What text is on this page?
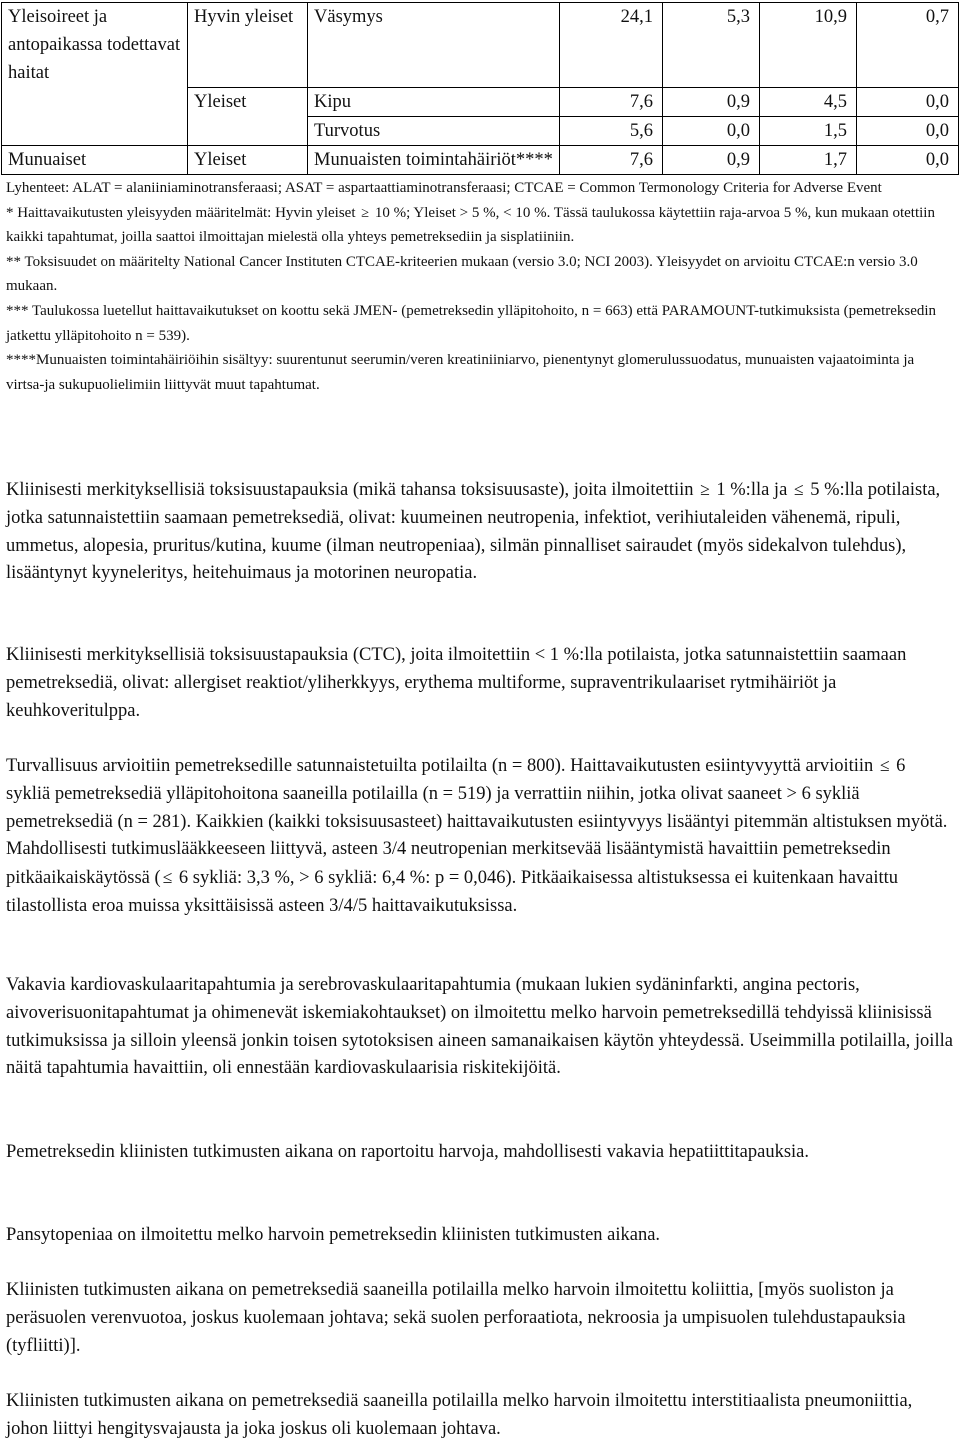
Yleisoireet ja antopaikassa todettavat haitat	Hyvin yleiset	Väsymys	24,1	5,3	10,9	0,7
	Yleiset	Kipu	7,6	0,9	4,5	0,0
		Turvotus	5,6	0,0	1,5	0,0
Munuaiset	Yleiset	Munuaisten toimintahäiriöt****	7,6	0,9	1,7	0,0

Lyhenteet: ALAT = alaniiniaminotransferaasi; ASAT = aspartaattiaminotransferaasi; CTCAE = Common Termonology Criteria for Adverse Event

* Haittavaikutusten yleisyyden määritelmät: Hyvin yleiset ≥ 10 %; Yleiset > 5 %, < 10 %. Tässä taulukossa käytettiin raja-arvoa 5 %, kun mukaan otettiin kaikki tapahtumat, joilla saattoi ilmoittajan mielestä olla yhteys pemetreksediin ja sisplatiiniin.

** Toksisuudet on määritelty National Cancer Instituten CTCAE-kriteerien mukaan (versio 3.0; NCI 2003). Yleisyydet on arvioitu CTCAE:n versio 3.0 mukaan.

*** Taulukossa luetellut haittavaikutukset on koottu sekä JMEN- (pemetreksedin ylläpitohoito, n = 663) että PARAMOUNT-tutkimuksista (pemetreksedin jatkettu ylläpitohoito n = 539).

****Munuaisten toimintahäiriöihin sisältyy: suurentunut seerumin/veren kreatiniiniarvo, pienentynyt glomerulussuodatus, munuaisten vajaatoiminta ja virtsa-ja sukupuolielimiin liittyvät muut tapahtumat.

Kliinisesti merkityksellisiä toksisuustapauksia (mikä tahansa toksisuusaste), joita ilmoitettiin ≥ 1 %:lla ja ≤ 5 %:lla potilaista, jotka satunnaistettiin saamaan pemetreksediä, olivat: kuumeinen neutropenia, infektiot, verihiutaleiden vähenemä, ripuli, ummetus, alopesia, pruritus/kutina, kuume (ilman neutropeniaa), silmän pinnalliset sairaudet (myös sidekalvon tulehdus), lisääntynyt kyyneleritys, heitehuimaus ja motorinen neuropatia.

Kliinisesti merkityksellisiä toksisuustapauksia (CTC), joita ilmoitettiin < 1 %:lla potilaista, jotka satunnaistettiin saamaan pemetreksediä, olivat: allergiset reaktiot/yliherkkyys, erythema multiforme, supraventrikulaariset rytmihäiriöt ja keuhkoveritulppa.

Turvallisuus arvioitiin pemetreksedille satunnaistetuilta potilailta (n = 800). Haittavaikutusten esiintyvyyttä arvioitiin ≤ 6 sykliä pemetreksediä ylläpitohoitona saaneilla potilailla (n = 519) ja verrattiin niihin, jotka olivat saaneet > 6 sykliä pemetreksediä (n = 281). Kaikkien (kaikki toksisuusasteet) haittavaikutusten esiintyvyys lisääntyi pitemmän altistuksen myötä. Mahdollisesti tutkimuslääkkeeseen liittyvä, asteen 3/4 neutropenian merkitsevää lisääntymistä havaittiin pemetreksedin pitkäaikaiskäytössä ( ≤ 6 sykliä: 3,3 %, > 6 sykliä: 6,4 %: p = 0,046). Pitkäaikaisessa altistuksessa ei kuitenkaan havaittu tilastollista eroa muissa yksittäisissä asteen 3/4/5 haittavaikutuksissa.

Vakavia kardiovaskulaaritapahtumia ja serebrovaskulaaritapahtumia (mukaan lukien sydäninfarkti, angina pectoris, aivoverisuonitapahtumat ja ohimenevät iskemiakohtaukset) on ilmoitettu melko harvoin pemetreksedillä tehdyissä kliinisissä tutkimuksissa ja silloin yleensä jonkin toisen sytotoksisen aineen samanaikaisen käytön yhteydessä. Useimmilla potilailla, joilla näitä tapahtumia havaittiin, oli ennestään kardiovaskulaarisia riskitekijöitä.

Pemetreksedin kliinisten tutkimusten aikana on raportoitu harvoja, mahdollisesti vakavia hepatiittitapauksia.

Pansytopeniaa on ilmoitettu melko harvoin pemetreksedin kliinisten tutkimusten aikana.

Kliinisten tutkimusten aikana on pemetreksediä saaneilla potilailla melko harvoin ilmoitettu koliittia, [myös suoliston ja peräsuolen verenvuotoa, joskus kuolemaan johtava; sekä suolen perforaatiota, nekroosia ja umpisuolen tulehdustapauksia (tyfliitti)].

Kliinisten tutkimusten aikana on pemetreksediä saaneilla potilailla melko harvoin ilmoitettu interstitiaalista pneumoniittia, johon liittyi hengitysvajausta ja joka joskus oli kuolemaan johtava.
